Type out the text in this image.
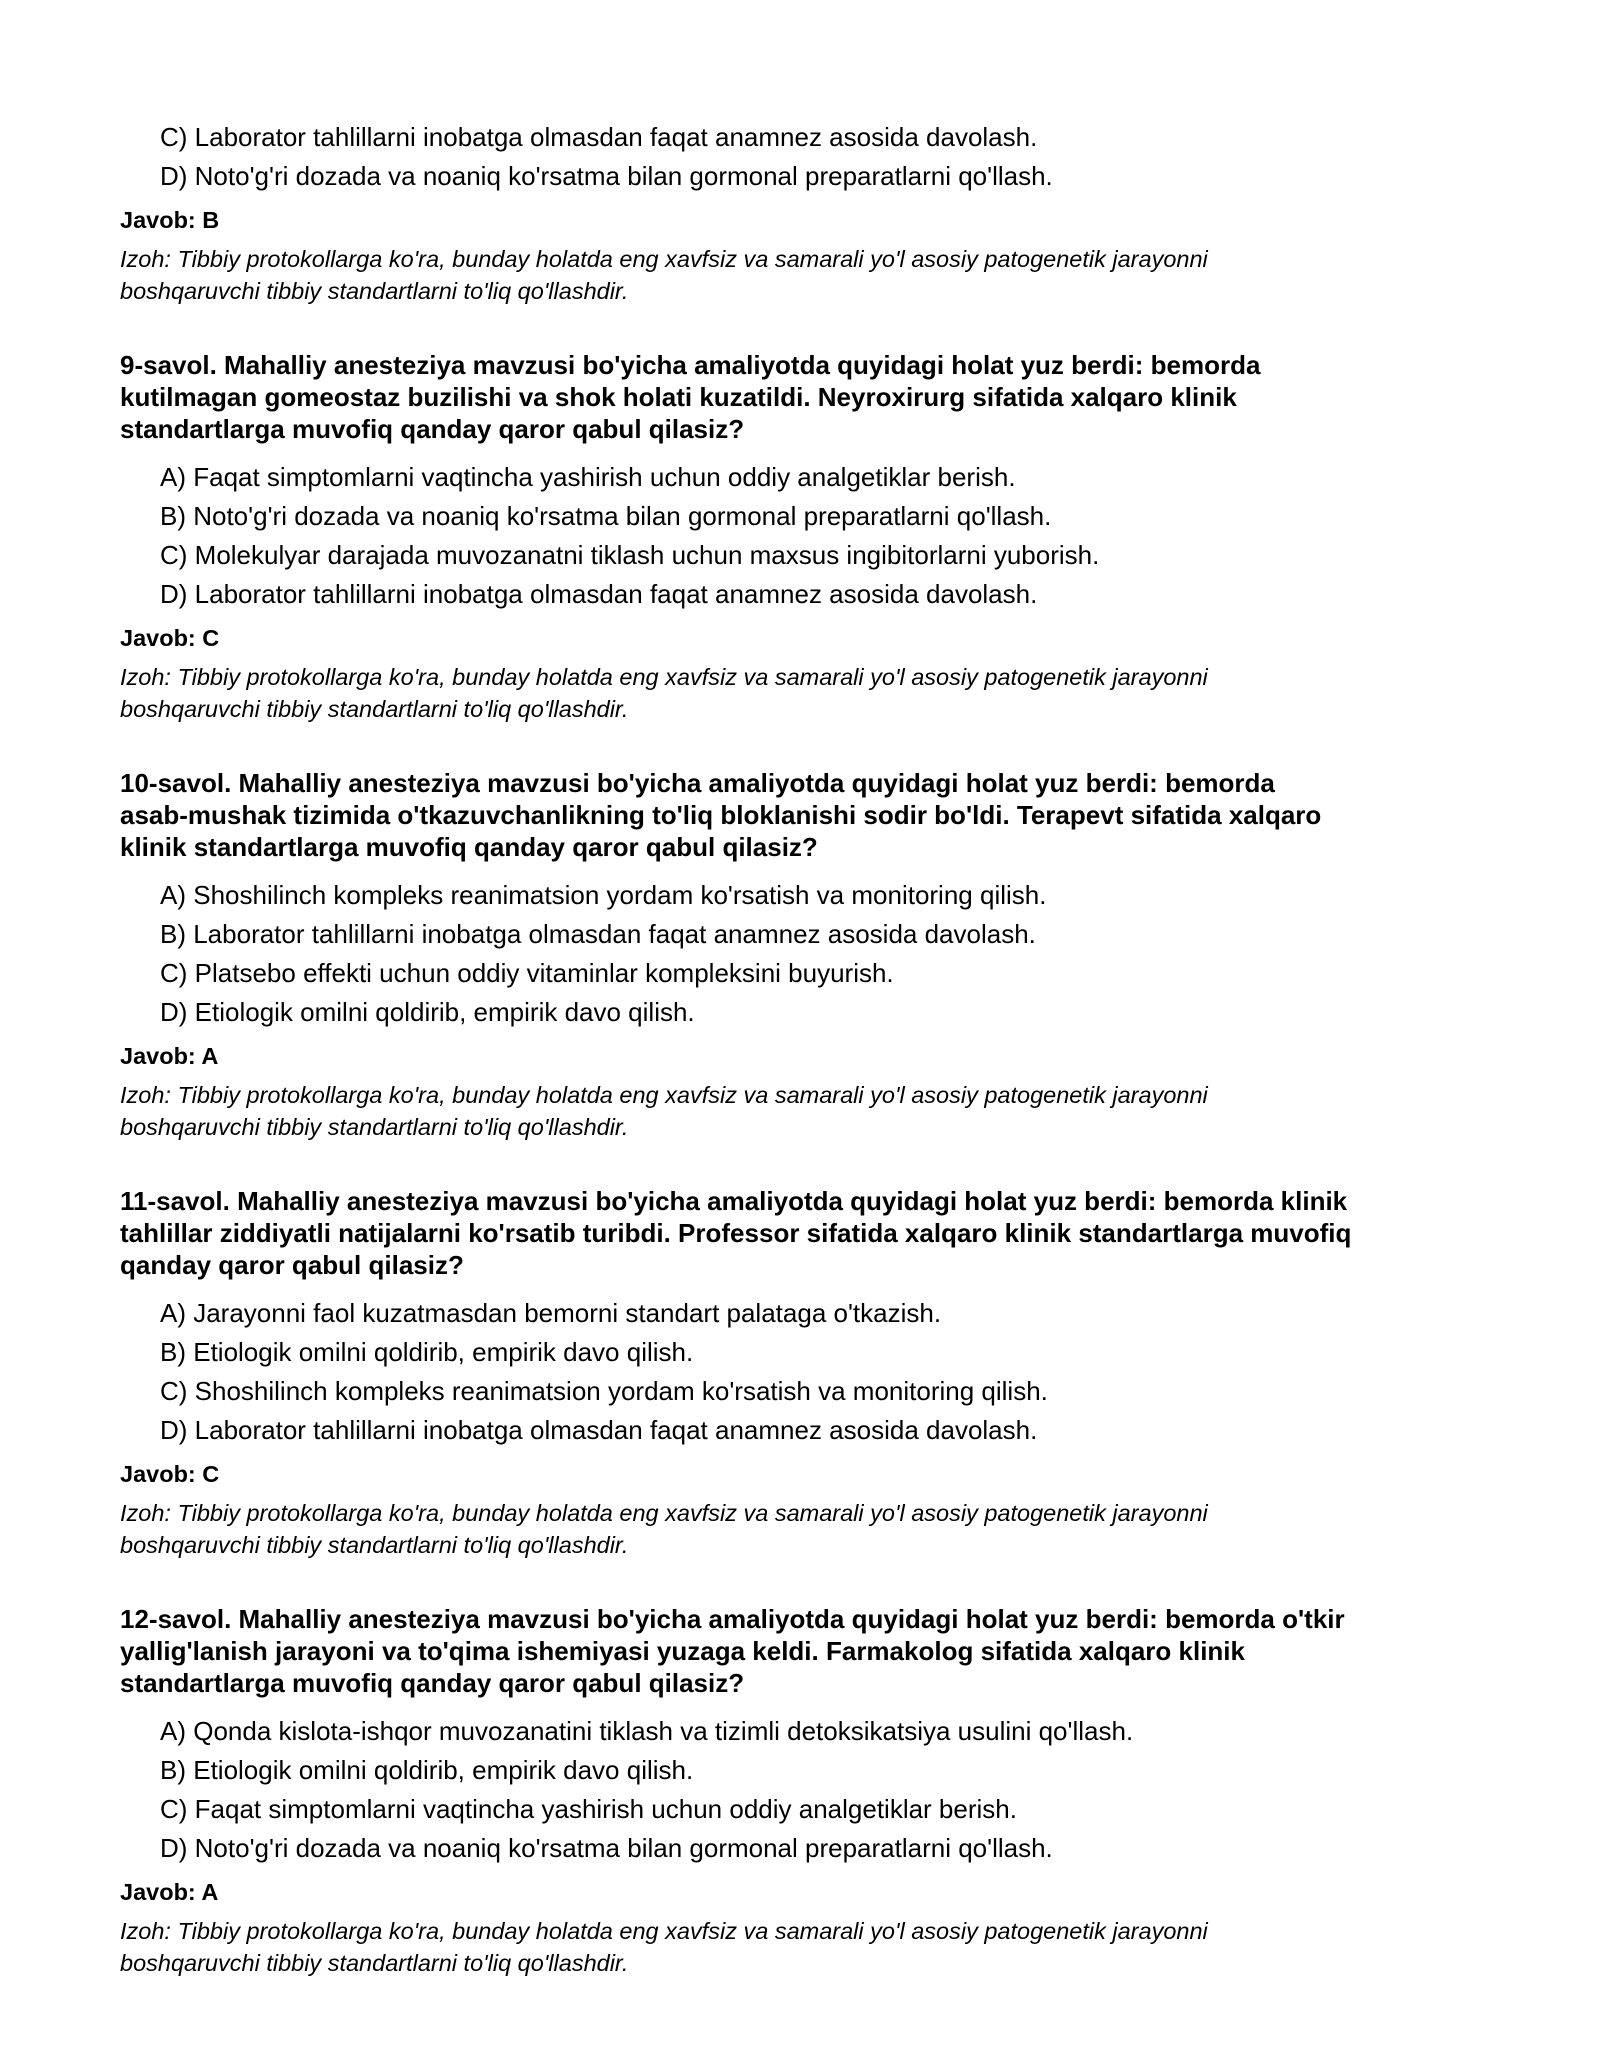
C) Laborator tahlillarni inobatga olmasdan faqat anamnez asosida davolash.
D) Noto'g'ri dozada va noaniq ko'rsatma bilan gormonal preparatlarni qo'llash.
Javob: B
Izoh: Tibbiy protokollarga ko'ra, bunday holatda eng xavfsiz va samarali yo'l asosiy patogenetik jarayonni
boshqaruvchi tibbiy standartlarni to'liq qo'llashdir.
9-savol. Mahalliy anesteziya mavzusi bo'yicha amaliyotda quyidagi holat yuz berdi: bemorda
kutilmagan gomeostaz buzilishi va shok holati kuzatildi. Neyroxirurg sifatida xalqaro klinik
standartlarga muvofiq qanday qaror qabul qilasiz?
A) Faqat simptomlarni vaqtincha yashirish uchun oddiy analgetiklar berish.
B) Noto'g'ri dozada va noaniq ko'rsatma bilan gormonal preparatlarni qo'llash.
C) Molekulyar darajada muvozanatni tiklash uchun maxsus ingibitorlarni yuborish.
D) Laborator tahlillarni inobatga olmasdan faqat anamnez asosida davolash.
Javob: C
Izoh: Tibbiy protokollarga ko'ra, bunday holatda eng xavfsiz va samarali yo'l asosiy patogenetik jarayonni
boshqaruvchi tibbiy standartlarni to'liq qo'llashdir.
10-savol. Mahalliy anesteziya mavzusi bo'yicha amaliyotda quyidagi holat yuz berdi: bemorda
asab-mushak tizimida o'tkazuvchanlikning to'liq bloklanishi sodir bo'ldi. Terapevt sifatida xalqaro
klinik standartlarga muvofiq qanday qaror qabul qilasiz?
A) Shoshilinch kompleks reanimatsion yordam ko'rsatish va monitoring qilish.
B) Laborator tahlillarni inobatga olmasdan faqat anamnez asosida davolash.
C) Platsebo effekti uchun oddiy vitaminlar kompleksini buyurish.
D) Etiologik omilni qoldirib, empirik davo qilish.
Javob: A
Izoh: Tibbiy protokollarga ko'ra, bunday holatda eng xavfsiz va samarali yo'l asosiy patogenetik jarayonni
boshqaruvchi tibbiy standartlarni to'liq qo'llashdir.
11-savol. Mahalliy anesteziya mavzusi bo'yicha amaliyotda quyidagi holat yuz berdi: bemorda klinik
tahlillar ziddiyatli natijalarni ko'rsatib turibdi. Professor sifatida xalqaro klinik standartlarga muvofiq
qanday qaror qabul qilasiz?
A) Jarayonni faol kuzatmasdan bemorni standart palataga o'tkazish.
B) Etiologik omilni qoldirib, empirik davo qilish.
C) Shoshilinch kompleks reanimatsion yordam ko'rsatish va monitoring qilish.
D) Laborator tahlillarni inobatga olmasdan faqat anamnez asosida davolash.
Javob: C
Izoh: Tibbiy protokollarga ko'ra, bunday holatda eng xavfsiz va samarali yo'l asosiy patogenetik jarayonni
boshqaruvchi tibbiy standartlarni to'liq qo'llashdir.
12-savol. Mahalliy anesteziya mavzusi bo'yicha amaliyotda quyidagi holat yuz berdi: bemorda o'tkir
yallig'lanish jarayoni va to'qima ishemiyasi yuzaga keldi. Farmakolog sifatida xalqaro klinik
standartlarga muvofiq qanday qaror qabul qilasiz?
A) Qonda kislota-ishqor muvozanatini tiklash va tizimli detoksikatsiya usulini qo'llash.
B) Etiologik omilni qoldirib, empirik davo qilish.
C) Faqat simptomlarni vaqtincha yashirish uchun oddiy analgetiklar berish.
D) Noto'g'ri dozada va noaniq ko'rsatma bilan gormonal preparatlarni qo'llash.
Javob: A
Izoh: Tibbiy protokollarga ko'ra, bunday holatda eng xavfsiz va samarali yo'l asosiy patogenetik jarayonni
boshqaruvchi tibbiy standartlarni to'liq qo'llashdir.
